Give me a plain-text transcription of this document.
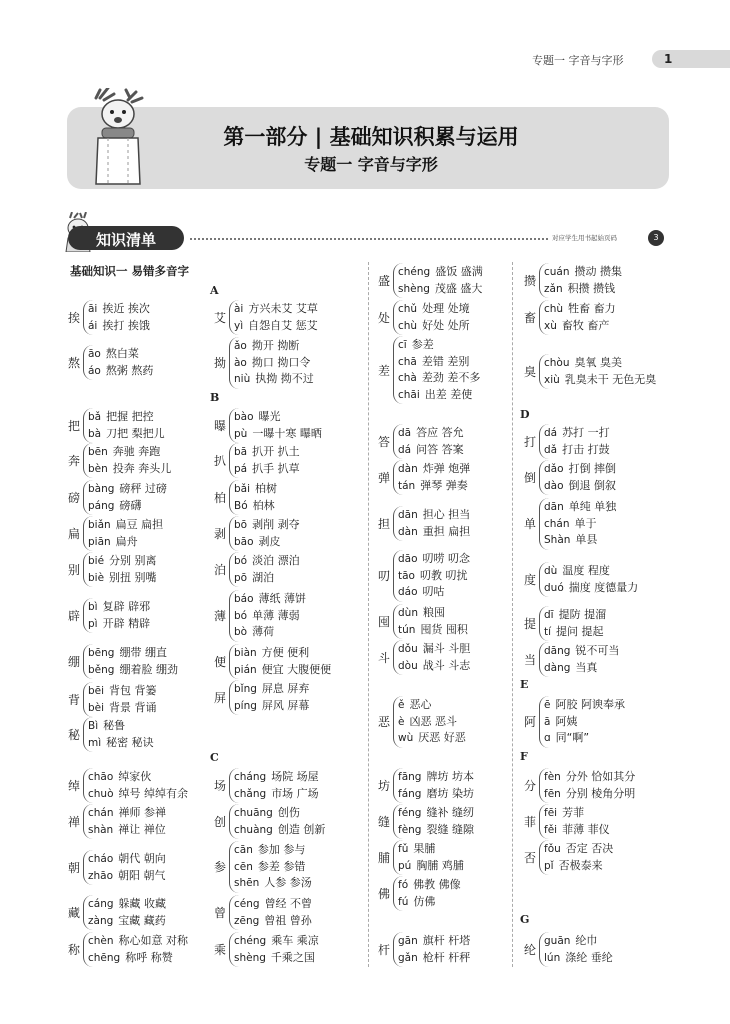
专题一 字音与字形	1
第一部分 | 基础知识积累与运用
专题一 字音与字形
知识清单	对应学生用书起始页码	3
基础知识一 易错多音字
A
B
C
D
E
F
G
挨
āi 挨近 挨次
ái 挨打 挨饿
熬
āo 熬白菜
áo 熬粥 熬药
艾
ài 方兴未艾 艾草
yì 自怨自艾 惩艾
拗
ǎo 拗开 拗断
ào 拗口 拗口令
niù 执拗 拗不过
把
bǎ 把握 把控
bà 刀把 梨把儿
奔
bēn 奔驰 奔跑
bèn 投奔 奔头儿
磅
bàng 磅秤 过磅
páng 磅礴
扁
biǎn 扁豆 扁担
piān 扁舟
别
bié 分别 别离
biè 别扭 别嘴
辟
bì 复辟 辟邪
pì 开辟 精辟
绷
bēng 绷带 绷直
běng 绷着脸 绷劲
背
bēi 背包 背篓
bèi 背景 背诵
秘
Bì 秘鲁
mì 秘密 秘诀
曝
bào 曝光
pù 一曝十寒 曝晒
扒
bā 扒开 扒土
pá 扒手 扒草
柏
bǎi 柏树
Bó 柏林
剥
bō 剥削 剥夺
bāo 剥皮
泊
bó 淡泊 漂泊
pō 湖泊
薄
báo 薄纸 薄饼
bó 单薄 薄弱
bò 薄荷
便
biàn 方便 便利
pián 便宜 大腹便便
屏
bǐng 屏息 屏弃
píng 屏风 屏幕
绰
chāo 绰家伙
chuò 绰号 绰绰有余
禅
chán 禅师 参禅
shàn 禅让 禅位
朝
cháo 朝代 朝向
zhāo 朝阳 朝气
藏
cáng 躲藏 收藏
zàng 宝藏 藏药
称
chèn 称心如意 对称
chēng 称呼 称赞
场
cháng 场院 场屋
chǎng 市场 广场
创
chuāng 创伤
chuàng 创造 创新
参
cān 参加 参与
cēn 参差 参错
shēn 人参 参汤
曾
céng 曾经 不曾
zēng 曾祖 曾孙
乘
chéng 乘车 乘凉
shèng 千乘之国
盛
chéng 盛饭 盛满
shèng 茂盛 盛大
处
chǔ 处理 处境
chù 好处 处所
差
cī 参差
chā 差错 差别
chà 差劲 差不多
chāi 出差 差使
答
dā 答应 答允
dá 问答 答案
弹
dàn 炸弹 炮弹
tán 弹琴 弹奏
担
dān 担心 担当
dàn 重担 扁担
叨
dāo 叨唠 叨念
tāo 叨教 叨扰
dáo 叨咕
囤
dùn 粮囤
tún 囤货 囤积
斗
dǒu 漏斗 斗胆
dòu 战斗 斗志
恶
ě 恶心
è 凶恶 恶斗
wù 厌恶 好恶
坊
fāng 牌坊 坊本
fáng 磨坊 染坊
缝
féng 缝补 缝纫
fèng 裂缝 缝隙
脯
fǔ 果脯
pú 胸脯 鸡脯
佛
fó 佛教 佛像
fú 仿佛
杆
gān 旗杆 杆塔
gǎn 枪杆 杆秤
攒
cuán 攒动 攒集
zǎn 积攒 攒钱
畜
chù 牲畜 畜力
xù 畜牧 畜产
臭
chòu 臭氧 臭美
xiù 乳臭未干 无色无臭
打
dá 苏打 一打
dǎ 打击 打鼓
倒
dǎo 打倒 摔倒
dào 倒退 倒叙
单
dān 单纯 单独
chán 单于
Shàn 单县
度
dù 温度 程度
duó 揣度 度德量力
提
dī 提防 提溜
tí 提问 提起
当
dāng 锐不可当
dàng 当真
阿
ē 阿胶 阿谀奉承
ā 阿姨
ɑ 同“啊”
分
fèn 分外 恰如其分
fēn 分别 棱角分明
菲
fēi 芳菲
fěi 菲薄 菲仪
否
fǒu 否定 否决
pǐ 否极泰来
纶
guān 纶巾
lún 涤纶 垂纶
